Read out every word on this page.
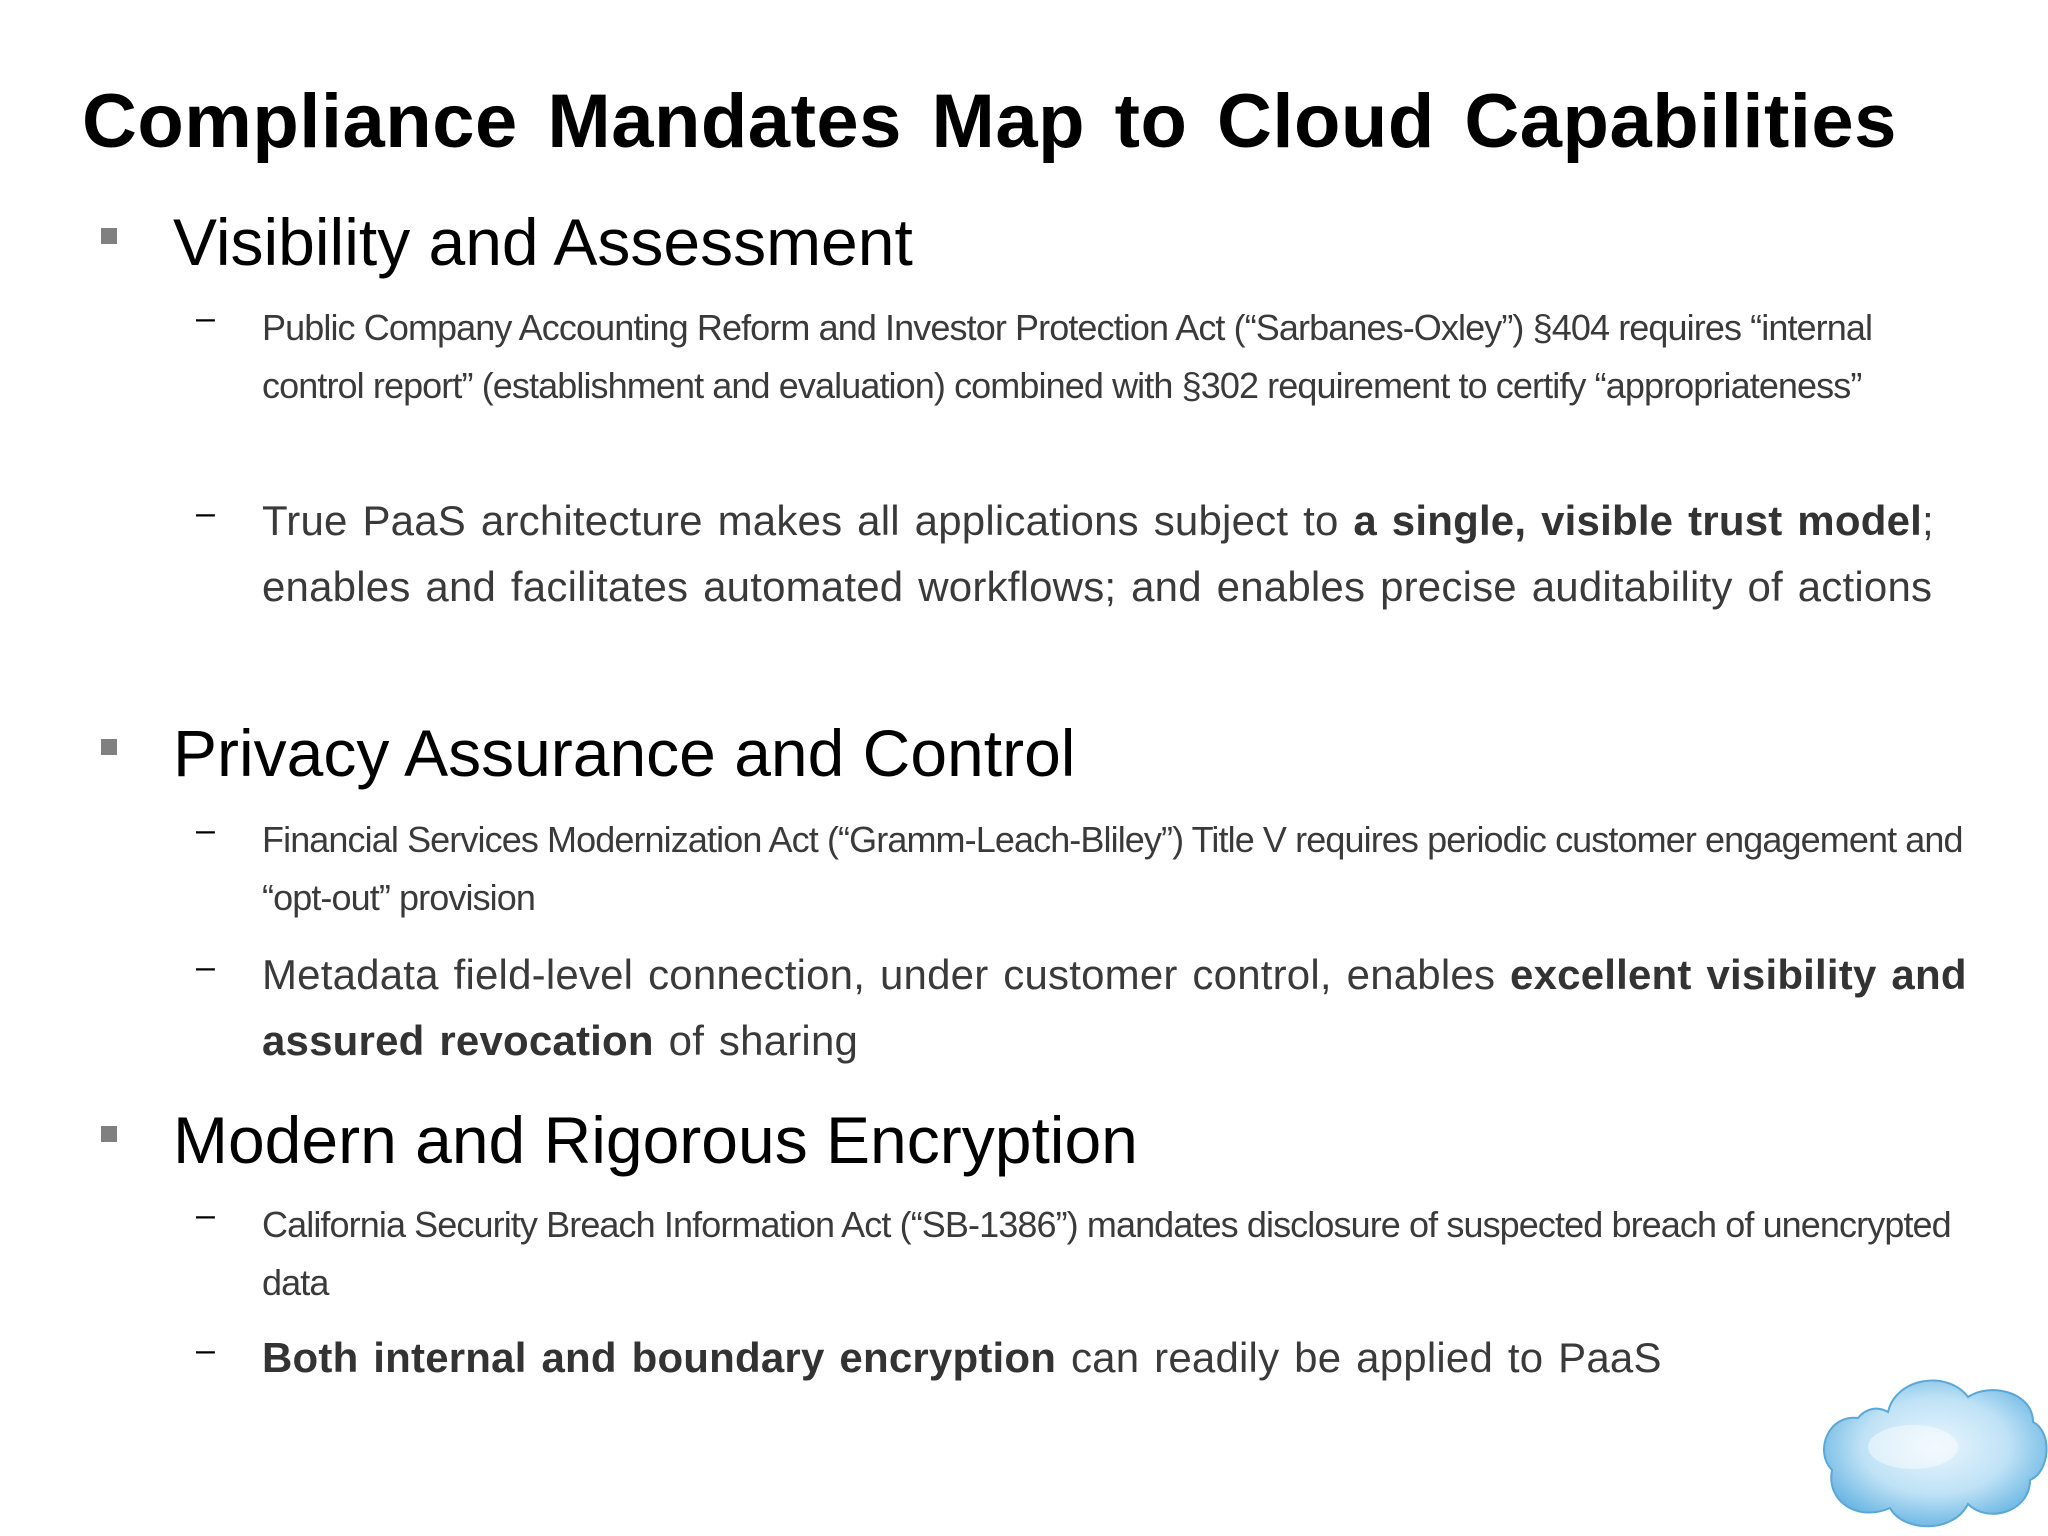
Compliance Mandates Map to Cloud Capabilities
Visibility and Assessment
– Public Company Accounting Reform and Investor Protection Act (“Sarbanes-Oxley”) §404 requires “internal control report” (establishment and evaluation) combined with §302 requirement to certify “appropriateness”
– True PaaS architecture makes all applications subject to a single, visible trust model; enables and facilitates automated workflows; and enables precise auditability of actions
Privacy Assurance and Control
– Financial Services Modernization Act (“Gramm-Leach-Bliley”) Title V requires periodic customer engagement and “opt-out” provision
– Metadata field-level connection, under customer control, enables excellent visibility and assured revocation of sharing
Modern and Rigorous Encryption
– California Security Breach Information Act (“SB-1386”) mandates disclosure of suspected breach of unencrypted data
– Both internal and boundary encryption can readily be applied to PaaS
